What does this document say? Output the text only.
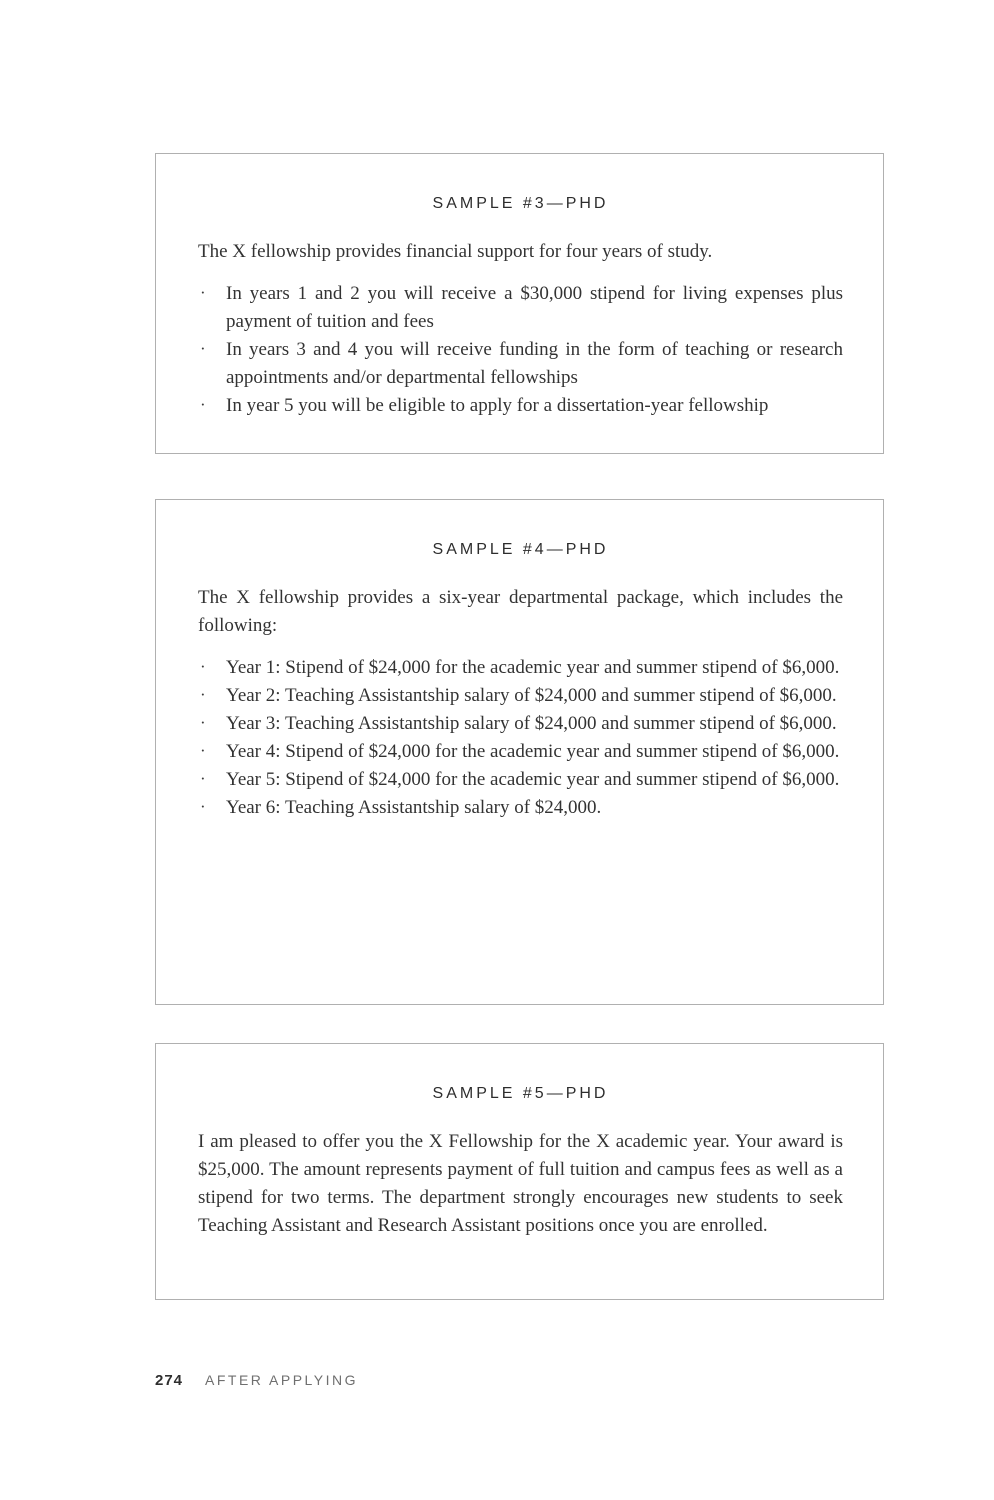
SAMPLE #3—PHD

The X fellowship provides financial support for four years of study.

· In years 1 and 2 you will receive a $30,000 stipend for living expenses plus payment of tuition and fees
· In years 3 and 4 you will receive funding in the form of teaching or research appointments and/or departmental fellowships
· In year 5 you will be eligible to apply for a dissertation-year fellowship
SAMPLE #4—PHD

The X fellowship provides a six-year departmental package, which includes the following:

· Year 1: Stipend of $24,000 for the academic year and summer stipend of $6,000.
· Year 2: Teaching Assistantship salary of $24,000 and summer stipend of $6,000.
· Year 3: Teaching Assistantship salary of $24,000 and summer stipend of $6,000.
· Year 4: Stipend of $24,000 for the academic year and summer stipend of $6,000.
· Year 5: Stipend of $24,000 for the academic year and summer stipend of $6,000.
· Year 6: Teaching Assistantship salary of $24,000.
SAMPLE #5—PHD

I am pleased to offer you the X Fellowship for the X academic year. Your award is $25,000. The amount represents payment of full tuition and campus fees as well as a stipend for two terms. The department strongly encourages new students to seek Teaching Assistant and Research Assistant positions once you are enrolled.

274 AFTER APPLYING
